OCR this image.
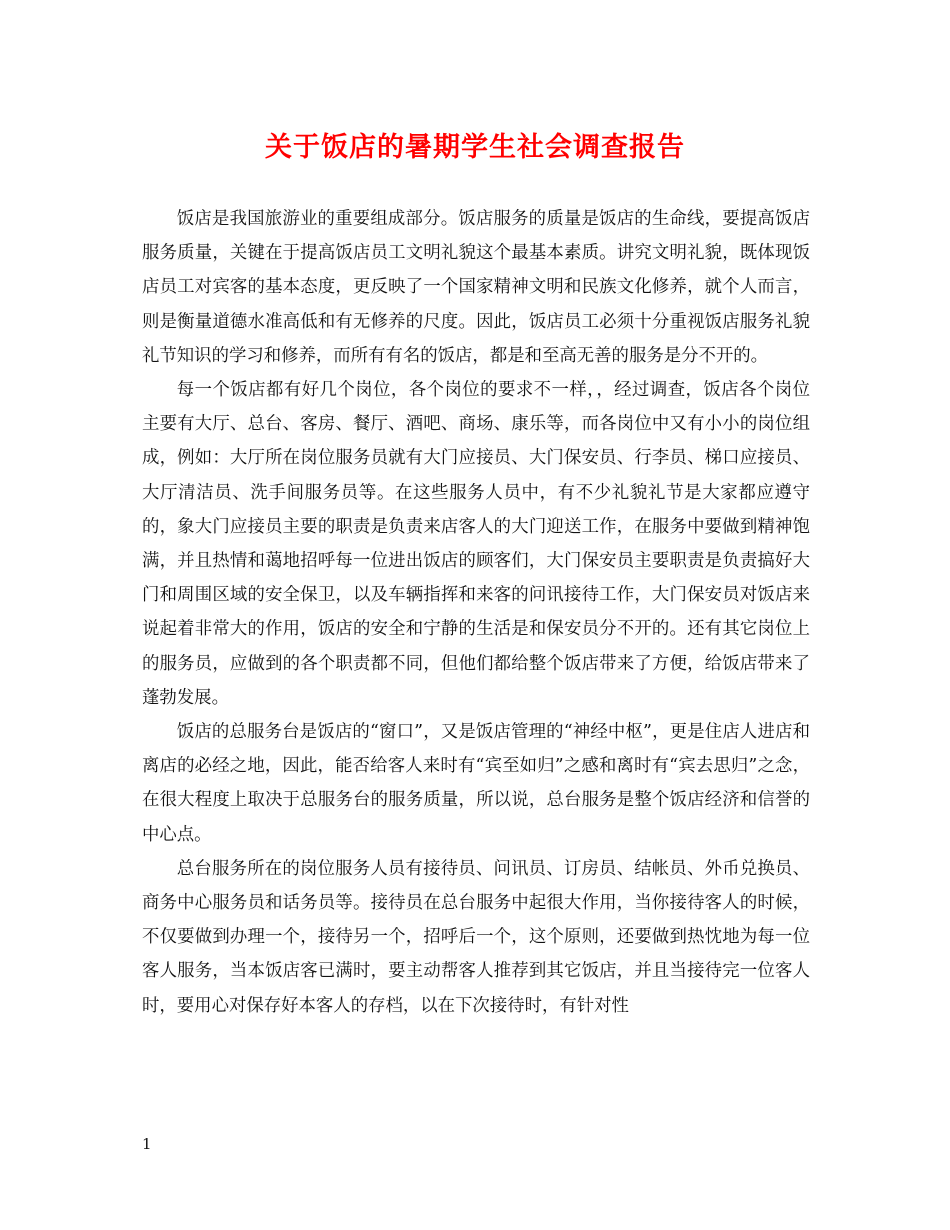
关于饭店的暑期学生社会调查报告

饭店是我国旅游业的重要组成部分。饭店服务的质量是饭店的生命线，要提高饭店服务质量，关键在于提高饭店员工文明礼貌这个最基本素质。讲究文明礼貌，既体现饭店员工对宾客的基本态度，更反映了一个国家精神文明和民族文化修养，就个人而言，则是衡量道德水准高低和有无修养的尺度。因此，饭店员工必须十分重视饭店服务礼貌礼节知识的学习和修养，而所有有名的饭店，都是和至高无善的服务是分不开的。

每一个饭店都有好几个岗位，各个岗位的要求不一样，，经过调查，饭店各个岗位主要有大厅、总台、客房、餐厅、酒吧、商场、康乐等，而各岗位中又有小小的岗位组成，例如：大厅所在岗位服务员就有大门应接员、大门保安员、行李员、梯口应接员、大厅清洁员、洗手间服务员等。在这些服务人员中，有不少礼貌礼节是大家都应遵守的，象大门应接员主要的职责是负责来店客人的大门迎送工作，在服务中要做到精神饱满，并且热情和蔼地招呼每一位进出饭店的顾客们，大门保安员主要职责是负责搞好大门和周围区域的安全保卫，以及车辆指挥和来客的问讯接待工作，大门保安员对饭店来说起着非常大的作用，饭店的安全和宁静的生活是和保安员分不开的。还有其它岗位上的服务员，应做到的各个职责都不同，但他们都给整个饭店带来了方便，给饭店带来了蓬勃发展。

饭店的总服务台是饭店的“窗口”，又是饭店管理的“神经中枢”，更是住店人进店和离店的必经之地，因此，能否给客人来时有“宾至如归”之感和离时有“宾去思归”之念，在很大程度上取决于总服务台的服务质量，所以说，总台服务是整个饭店经济和信誉的中心点。

总台服务所在的岗位服务人员有接待员、问讯员、订房员、结帐员、外币兑换员、商务中心服务员和话务员等。接待员在总台服务中起很大作用，当你接待客人的时候，不仅要做到办理一个，接待另一个，招呼后一个，这个原则，还要做到热忱地为每一位客人服务，当本饭店客已满时，要主动帮客人推荐到其它饭店，并且当接待完一位客人时，要用心对保存好本客人的存档，以在下次接待时，有针对性

1
